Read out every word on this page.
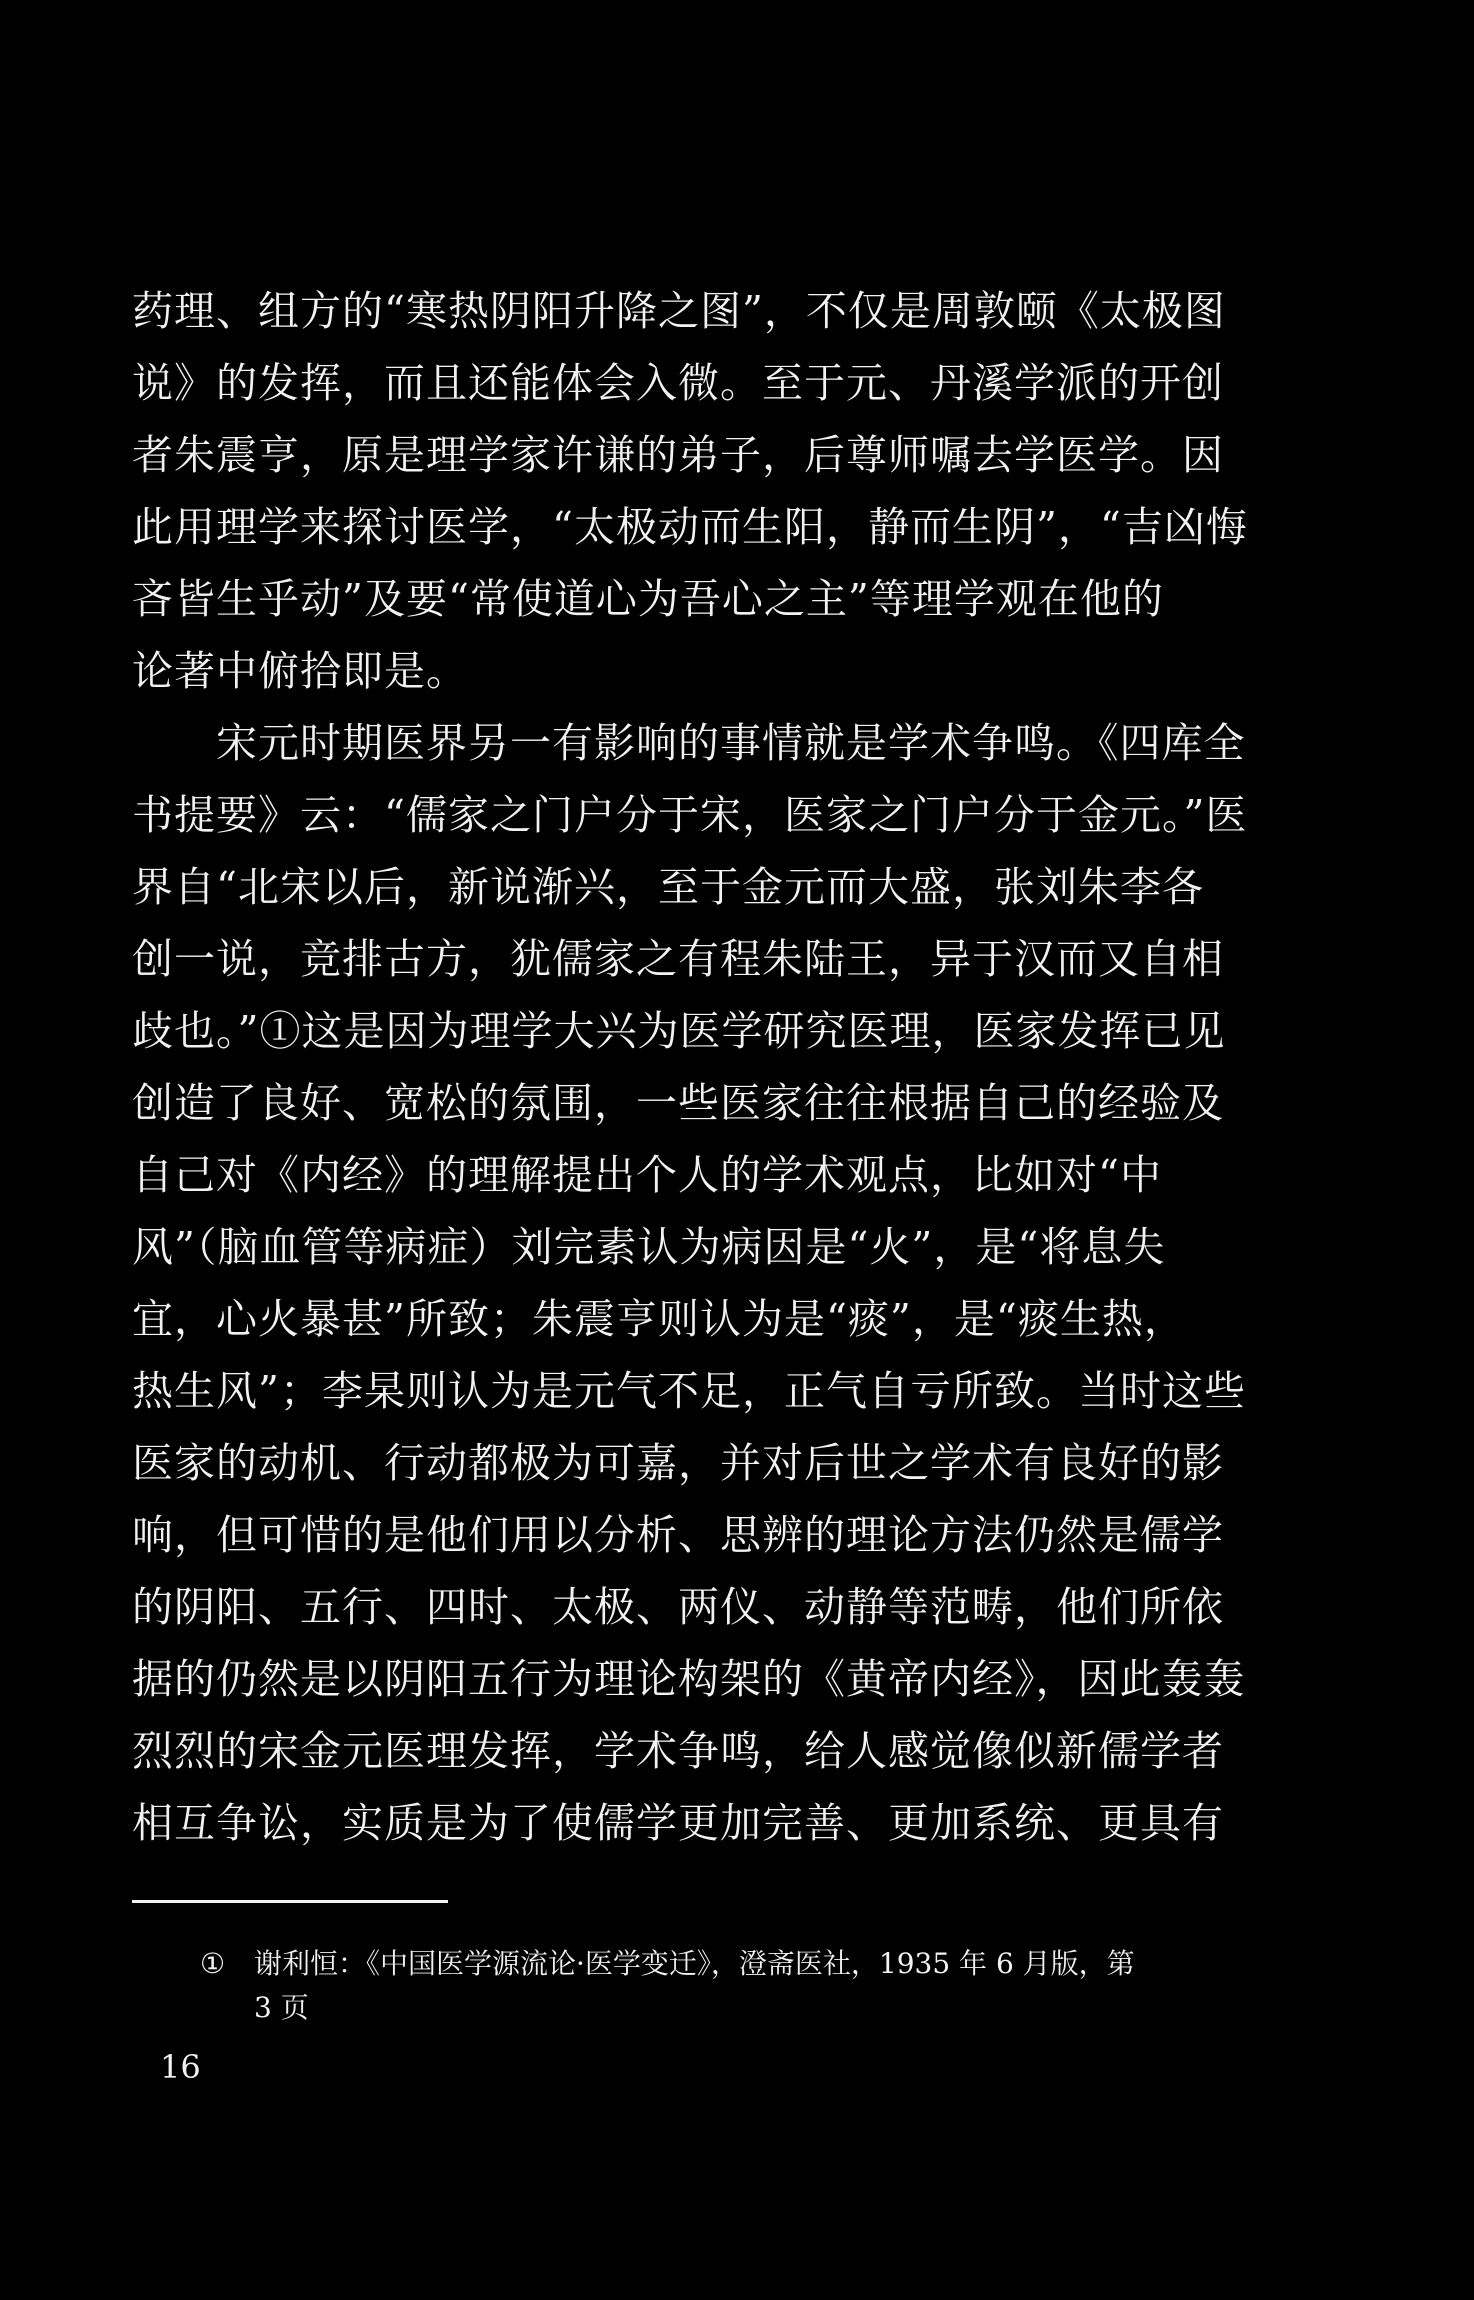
药理、组方的“寒热阴阳升降之图”，不仅是周敦颐《太极图
说》的发挥，而且还能体会入微。至于元、丹溪学派的开创
者朱震亨，原是理学家许谦的弟子，后尊师嘱去学医学。因
此用理学来探讨医学，“太极动而生阳，静而生阴”，“吉凶悔
吝皆生乎动”及要“常使道心为吾心之主”等理学观在他的
论著中俯拾即是。
　　宋元时期医界另一有影响的事情就是学术争鸣。《四库全
书提要》云：“儒家之门户分于宋，医家之门户分于金元。”医
界自“北宋以后，新说渐兴，至于金元而大盛，张刘朱李各
创一说，竞排古方，犹儒家之有程朱陆王，异于汉而又自相
歧也。”①这是因为理学大兴为医学研究医理，医家发挥已见
创造了良好、宽松的氛围，一些医家往往根据自己的经验及
自己对《内经》的理解提出个人的学术观点，比如对“中
风”（脑血管等病症）刘完素认为病因是“火”，是“将息失
宜，心火暴甚”所致；朱震亨则认为是“痰”，是“痰生热，
热生风”；李杲则认为是元气不足，正气自亏所致。当时这些
医家的动机、行动都极为可嘉，并对后世之学术有良好的影
响，但可惜的是他们用以分析、思辨的理论方法仍然是儒学
的阴阳、五行、四时、太极、两仪、动静等范畴，他们所依
据的仍然是以阴阳五行为理论构架的《黄帝内经》，因此轰轰
烈烈的宋金元医理发挥，学术争鸣，给人感觉像似新儒学者
相互争讼，实质是为了使儒学更加完善、更加系统、更具有
① 谢利恒：《中国医学源流论·医学变迁》，澄斋医社，1935 年 6 月版，第
3 页
16
